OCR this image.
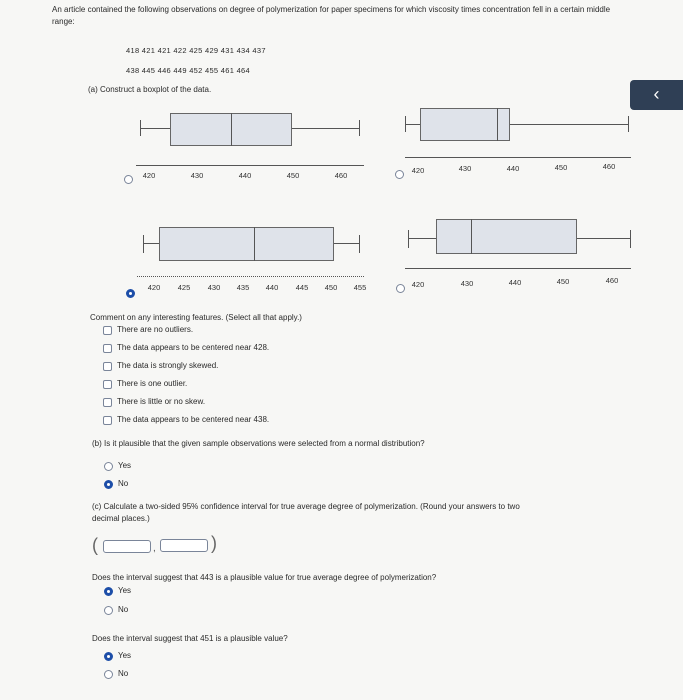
An article contained the following observations on degree of polymerization for paper specimens for which viscosity times concentration fell in a certain middle range:
418 421 421 422 425 429 431 434 437
438 445 446 449 452 455 461 464
(a) Construct a boxplot of the data.	‹
420	430	440	450	460
420	430	440	450	460
420 425 430 435 440 445 450 455	420	430	440	450	460
Comment on any interesting features. (Select all that apply.)
There are no outliers.
The data appears to be centered near 428.
The data is strongly skewed.
There is one outlier.
There is little or no skew.
The data appears to be centered near 438.
(b) Is it plausible that the given sample observations were selected from a normal distribution?
Yes
No
(c) Calculate a two-sided 95% confidence interval for true average degree of polymerization. (Round your answers to two
decimal places.)
(	,	)
Does the interval suggest that 443 is a plausible value for true average degree of polymerization?
Yes
No
Does the interval suggest that 451 is a plausible value?
Yes
No
